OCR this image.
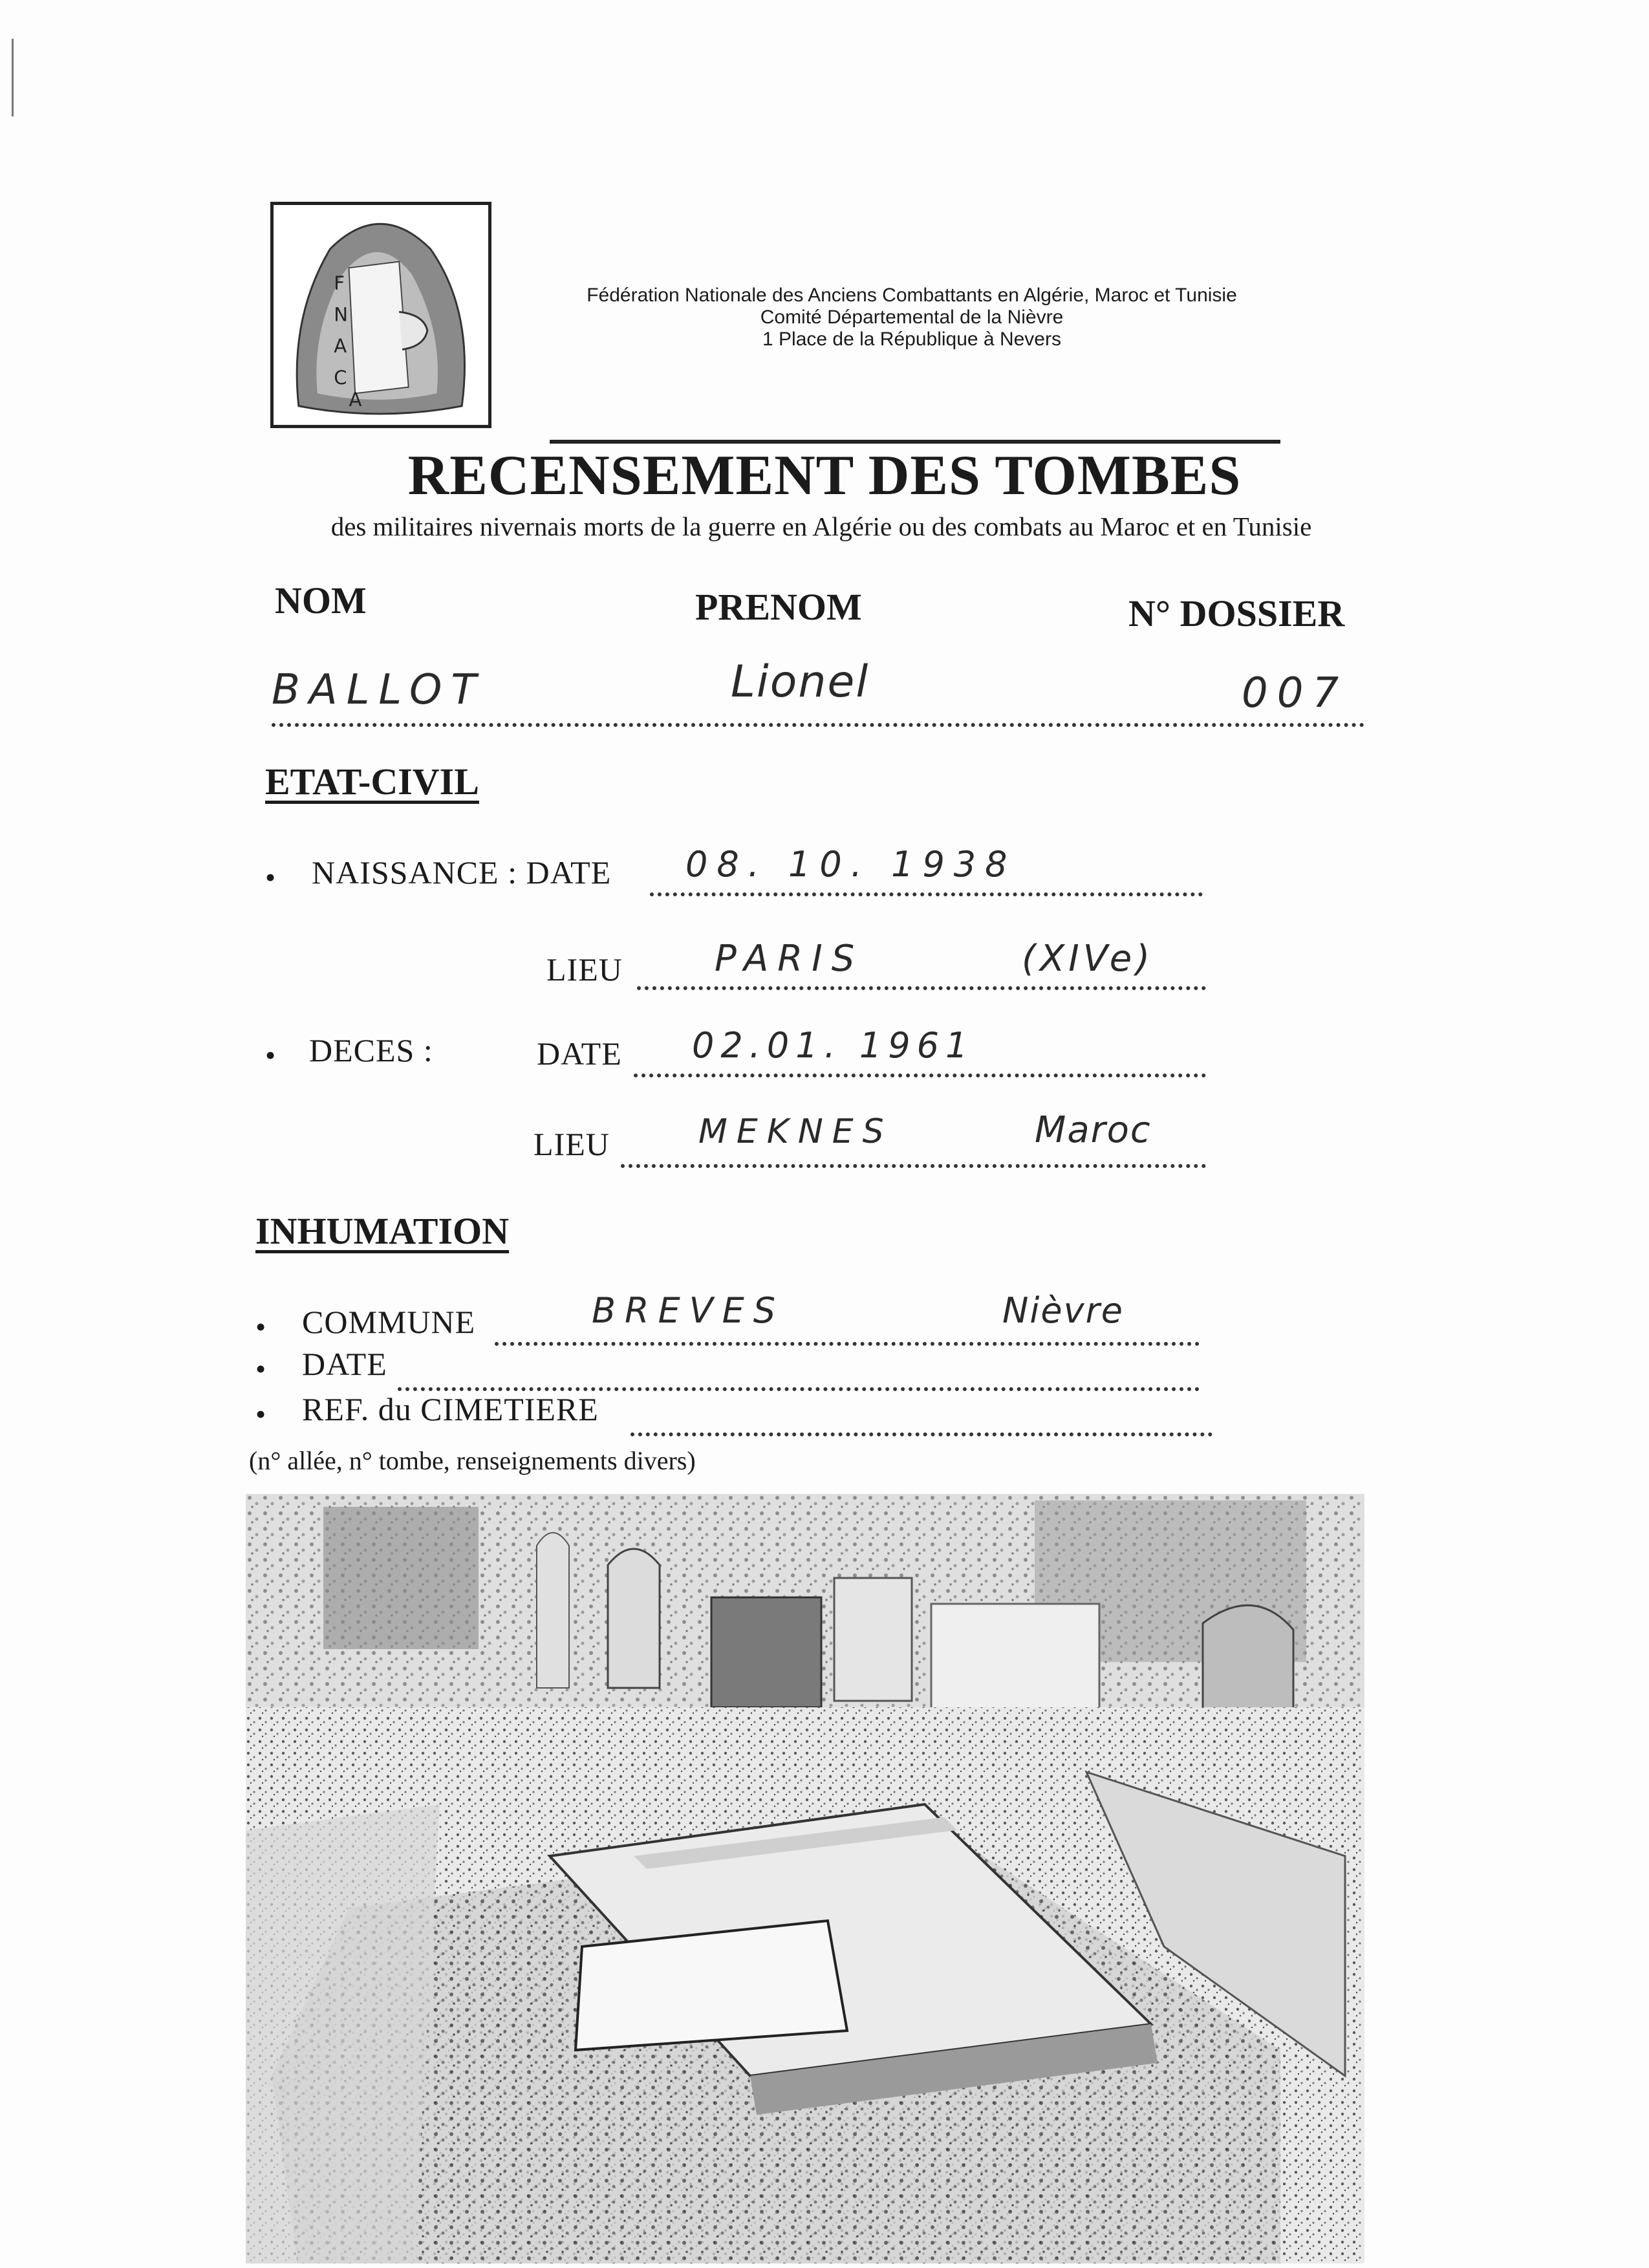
F
N
A
C
A
Fédération Nationale des Anciens Combattants en Algérie, Maroc et Tunisie
Comité Départemental de la Nièvre
1 Place de la République à Nevers
RECENSEMENT DES TOMBES
des militaires nivernais morts de la guerre en Algérie ou des combats au Maroc et en Tunisie
NOM	PRENOM	N° DOSSIER
BALLOT	Lionel	007
ETAT-CIVIL
• NAISSANCE : DATE 08. 10. 1938
LIEU	PARIS	(XIVe)
• DECES :	DATE 02.01. 1961
LIEU	MEKNES	Maroc
INHUMATION
• COMMUNE	BREVES	Nièvre
• DATE
• REF. du CIMETIERE
(n° allée, n° tombe, renseignements divers)
